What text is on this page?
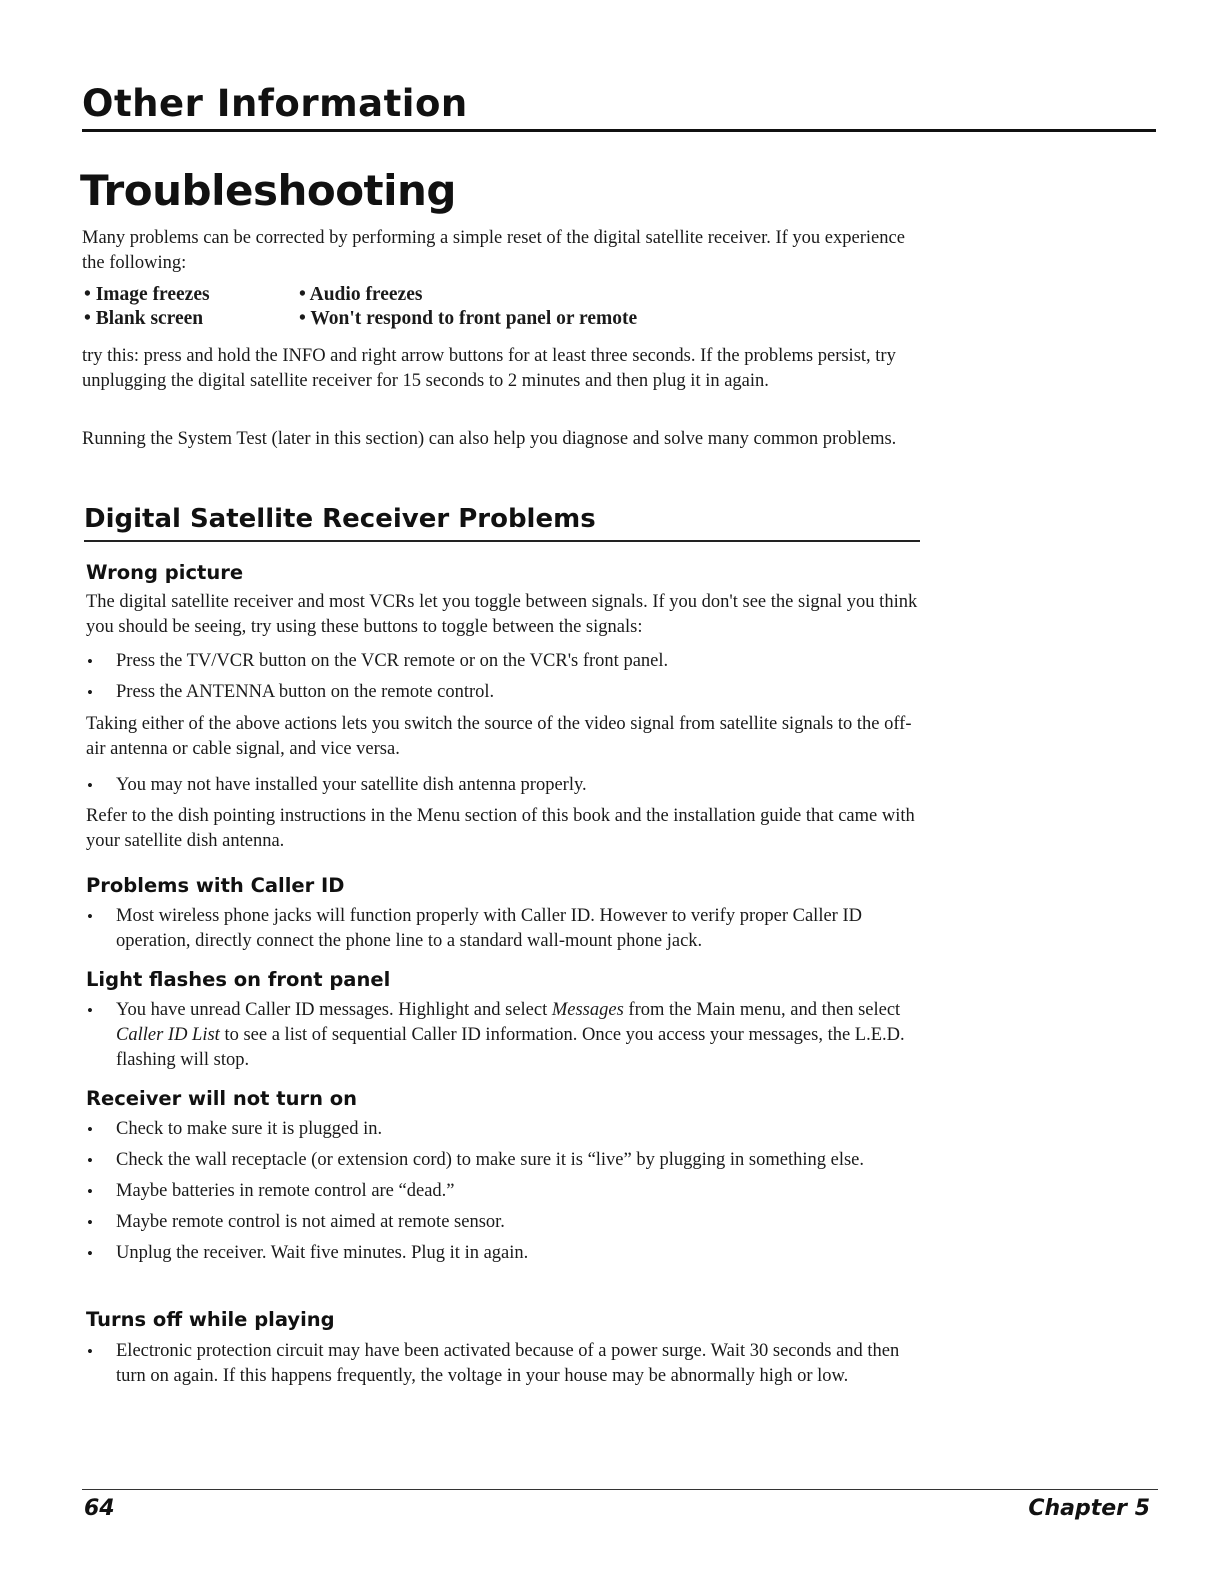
Other Information
Troubleshooting

Many problems can be corrected by performing a simple reset of the digital satellite receiver. If you experience the following:

• Image freezes	• Audio freezes
• Blank screen	• Won't respond to front panel or remote

try this: press and hold the INFO and right arrow buttons for at least three seconds. If the problems persist, try unplugging the digital satellite receiver for 15 seconds to 2 minutes and then plug it in again.

Running the System Test (later in this section) can also help you diagnose and solve many common problems.

Digital Satellite Receiver Problems
Wrong picture

The digital satellite receiver and most VCRs let you toggle between signals. If you don't see the signal you think you should be seeing, try using these buttons to toggle between the signals:

• Press the TV/VCR button on the VCR remote or on the VCR's front panel.
• Press the ANTENNA button on the remote control.

Taking either of the above actions lets you switch the source of the video signal from satellite signals to the off-air antenna or cable signal, and vice versa.

• You may not have installed your satellite dish antenna properly.

Refer to the dish pointing instructions in the Menu section of this book and the installation guide that came with your satellite dish antenna.

Problems with Caller ID
• Most wireless phone jacks will function properly with Caller ID. However to verify proper Caller ID operation, directly connect the phone line to a standard wall-mount phone jack.
Light flashes on front panel
• You have unread Caller ID messages. Highlight and select Messages from the Main menu, and then select Caller ID List to see a list of sequential Caller ID information. Once you access your messages, the L.E.D. flashing will stop.
Receiver will not turn on
• Check to make sure it is plugged in.
• Check the wall receptacle (or extension cord) to make sure it is “live” by plugging in something else.
• Maybe batteries in remote control are “dead.”
• Maybe remote control is not aimed at remote sensor.
• Unplug the receiver. Wait five minutes. Plug it in again.
Turns off while playing
• Electronic protection circuit may have been activated because of a power surge. Wait 30 seconds and then turn on again. If this happens frequently, the voltage in your house may be abnormally high or low.
64	Chapter 5
